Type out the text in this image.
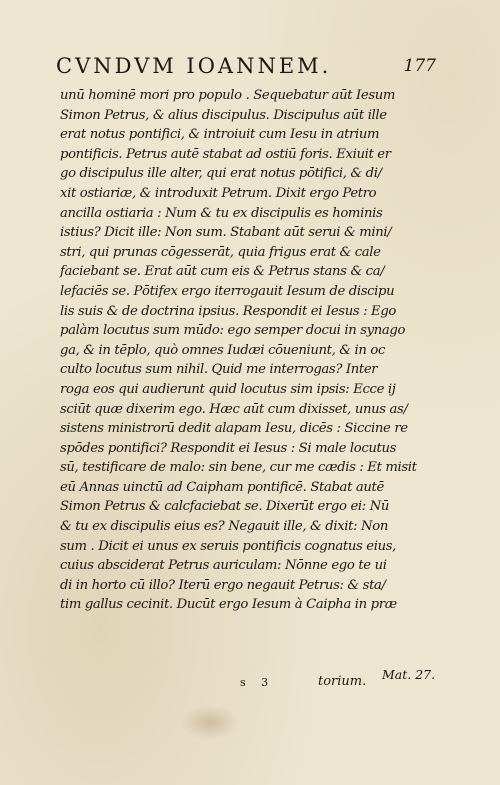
CVNDVM IOANNEM.	177
unū hominē mori pro populo . Sequebatur aūt Iesum
Simon Petrus, & alius discipulus. Discipulus aūt ille
erat notus pontifici, & introiuit cum Iesu in atrium
pontificis. Petrus autē stabat ad ostiū foris. Exiuit er
go discipulus ille alter, qui erat notus pōtifici, & di/
xit ostiariæ, & introduxit Petrum. Dixit ergo Petro
ancilla ostiaria : Num & tu ex discipulis es hominis
istius? Dicit ille: Non sum. Stabant aūt serui & mini/
stri, qui prunas cōgesserāt, quia frigus erat & cale
faciebant se. Erat aūt cum eis & Petrus stans & ca/
lefaciēs se. Pōtifex ergo iterrogauit Iesum de discipu
lis suis & de doctrina ipsius. Respondit ei Iesus : Ego
palàm locutus sum mūdo: ego semper docui in synago
ga, & in tēplo, quò omnes Iudæi cōueniunt, & in oc
culto locutus sum nihil. Quid me interrogas? Inter
roga eos qui audierunt quid locutus sim ipsis: Ecce ij
sciūt quæ dixerim ego. Hæc aūt cum dixisset, unus as/
sistens ministrorū dedit alapam Iesu, dicēs : Siccine re
spōdes pontifici? Respondit ei Iesus : Si male locutus
sū, testificare de malo: sin bene, cur me cædis : Et misit
eū Annas uinctū ad Caipham pontificē. Stabat autē
Simon Petrus & calcfaciebat se. Dixerūt ergo ei: Nū
& tu ex discipulis eius es? Negauit ille, & dixit: Non
sum . Dicit ei unus ex seruis pontificis cognatus eius,
cuius absciderat Petrus auriculam: Nōnne ego te ui
di in horto cū illo? Iterū ergo negauit Petrus: & sta/
tim gallus cecinit. Ducūt ergo Iesum à Caipha in præ
Mat. 27.
s 3	torium.
